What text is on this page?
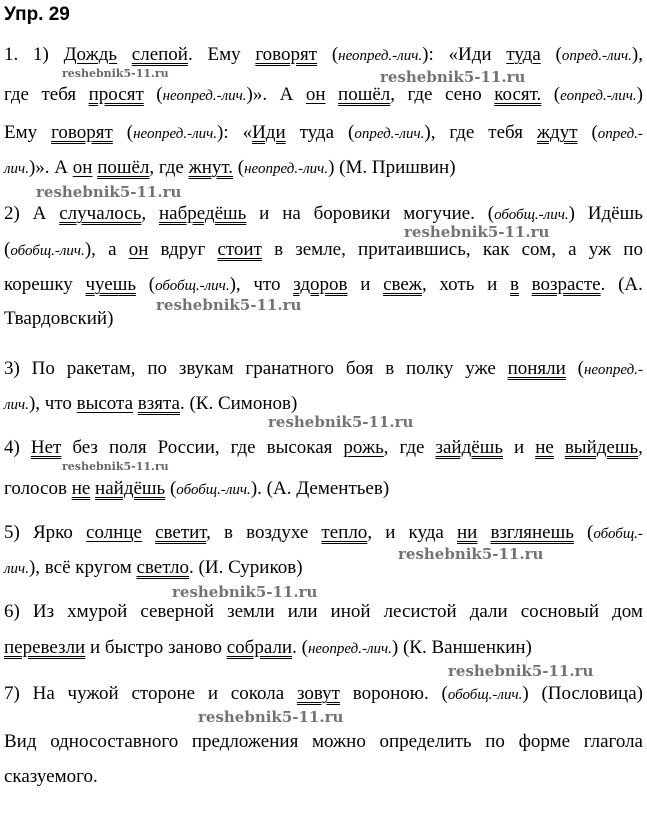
Упр. 29
1. 1) Дождь слепой. Ему говорят (неопред.-лич.): «Иди туда (опред.-лич.),
где тебя просят (неопред.-лич.)». А он пошёл, где сено косят. (еопред.-лич.)
Ему говорят (неопред.-лич.): «Иди туда (опред.-лич.), где тебя ждут (опред.-
лич.)». А он пошёл, где жнут. (неопред.-лич.) (М. Пришвин)
2) А случалось, набредёшь и на боровики могучие. (обобщ.-лич.) Идёшь
(обобщ.-лич.), а он вдруг стоит в земле, притаившись, как сом, а уж по
корешку чуешь (обобщ.-лич.), что здоров и свеж, хоть и в возрасте. (А.
Твардовский)
3) По ракетам, по звукам гранатного боя в полку уже поняли (неопред.-
лич.), что высота взята. (К. Симонов)
4) Нет без поля России, где высокая рожь, где зайдёшь и не выйдешь,
голосов не найдёшь (обобщ.-лич.). (А. Дементьев)
5) Ярко солнце светит, в воздухе тепло, и куда ни взглянешь (обобщ.-
лич.), всё кругом светло. (И. Суриков)
6) Из хмурой северной земли или иной лесистой дали сосновый дом
перевезли и быстро заново собрали. (неопред.-лич.) (К. Ваншенкин)
7) На чужой стороне и сокола зовут вороною. (обобщ.-лич.) (Пословица)
Вид односоставного предложения можно определить по форме глагола
сказуемого.
reshebnik5-11.ru	reshebnik5-11.ru
reshebnik5-11.ru
reshebnik5-11.ru
reshebnik5-11.ru
reshebnik5-11.ru
reshebnik5-11.ru
reshebnik5-11.ru
reshebnik5-11.ru
reshebnik5-11.ru
reshebnik5-11.ru
